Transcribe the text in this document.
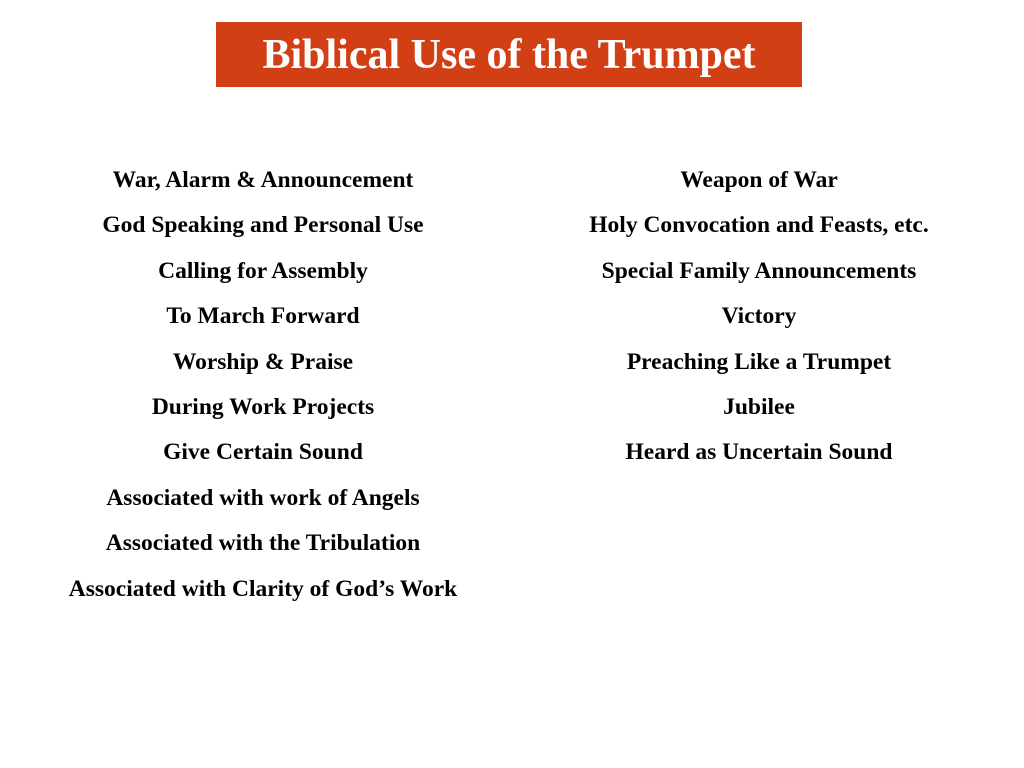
Biblical Use of the Trumpet
War, Alarm & Announcement
God Speaking and Personal Use
Calling for Assembly
To March Forward
Worship & Praise
During Work Projects
Give Certain Sound
Associated with work of Angels
Associated with the Tribulation
Associated with Clarity of God’s Work
Weapon of War
Holy Convocation and Feasts, etc.
Special Family Announcements
Victory
Preaching Like a Trumpet
Jubilee
Heard as Uncertain Sound
